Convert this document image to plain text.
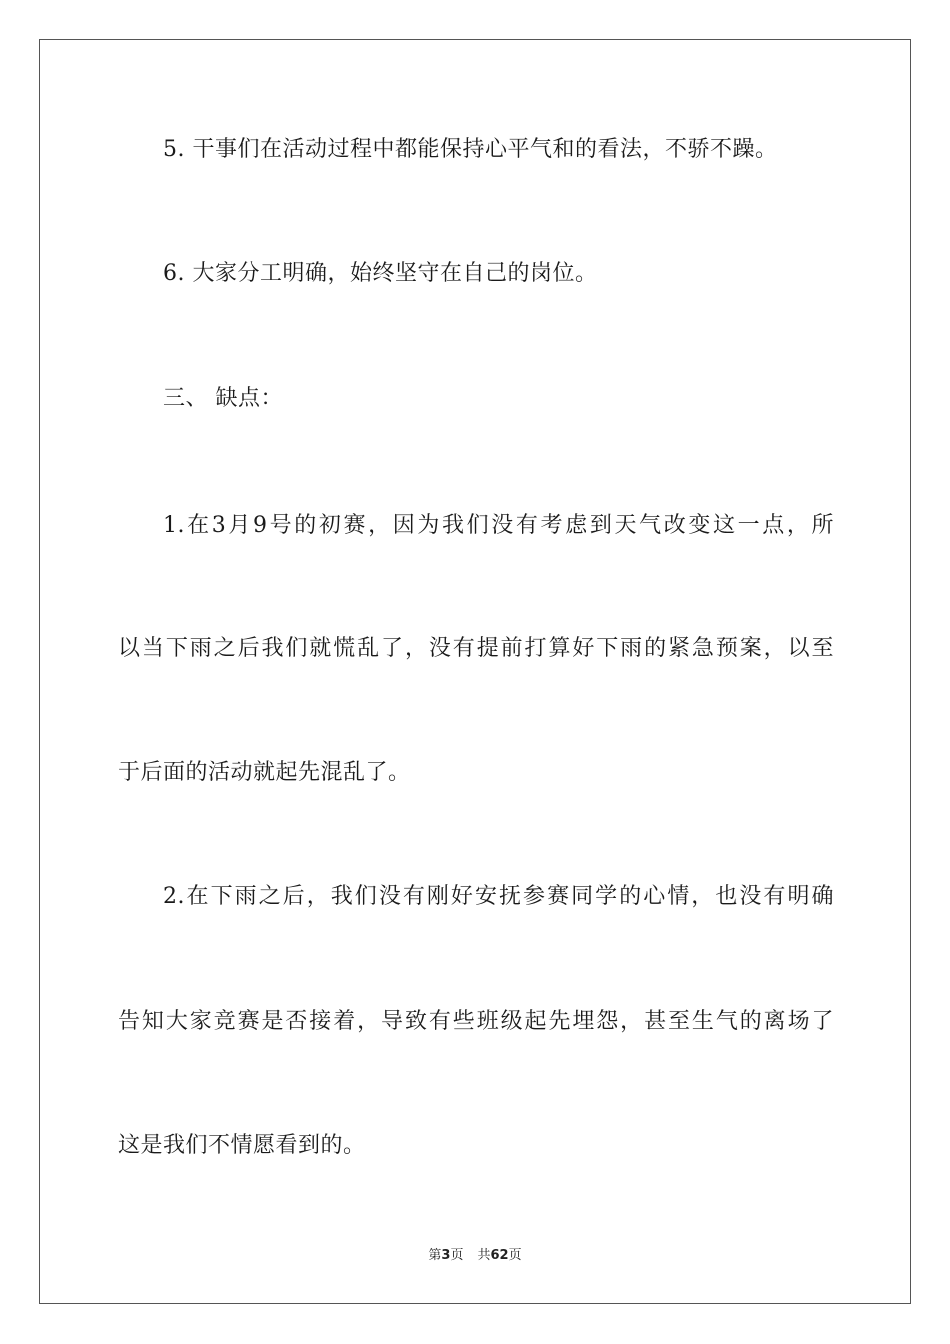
5. 干事们在活动过程中都能保持心平气和的看法，不骄不躁。
6. 大家分工明确，始终坚守在自己的岗位。
三、 缺点：
1.在3月9号的初赛，因为我们没有考虑到天气改变这一点，所
以当下雨之后我们就慌乱了，没有提前打算好下雨的紧急预案，以至
于后面的活动就起先混乱了。
2.在下雨之后，我们没有刚好安抚参赛同学的心情，也没有明确
告知大家竞赛是否接着，导致有些班级起先埋怨，甚至生气的离场了
这是我们不情愿看到的。
第3页 共62页
